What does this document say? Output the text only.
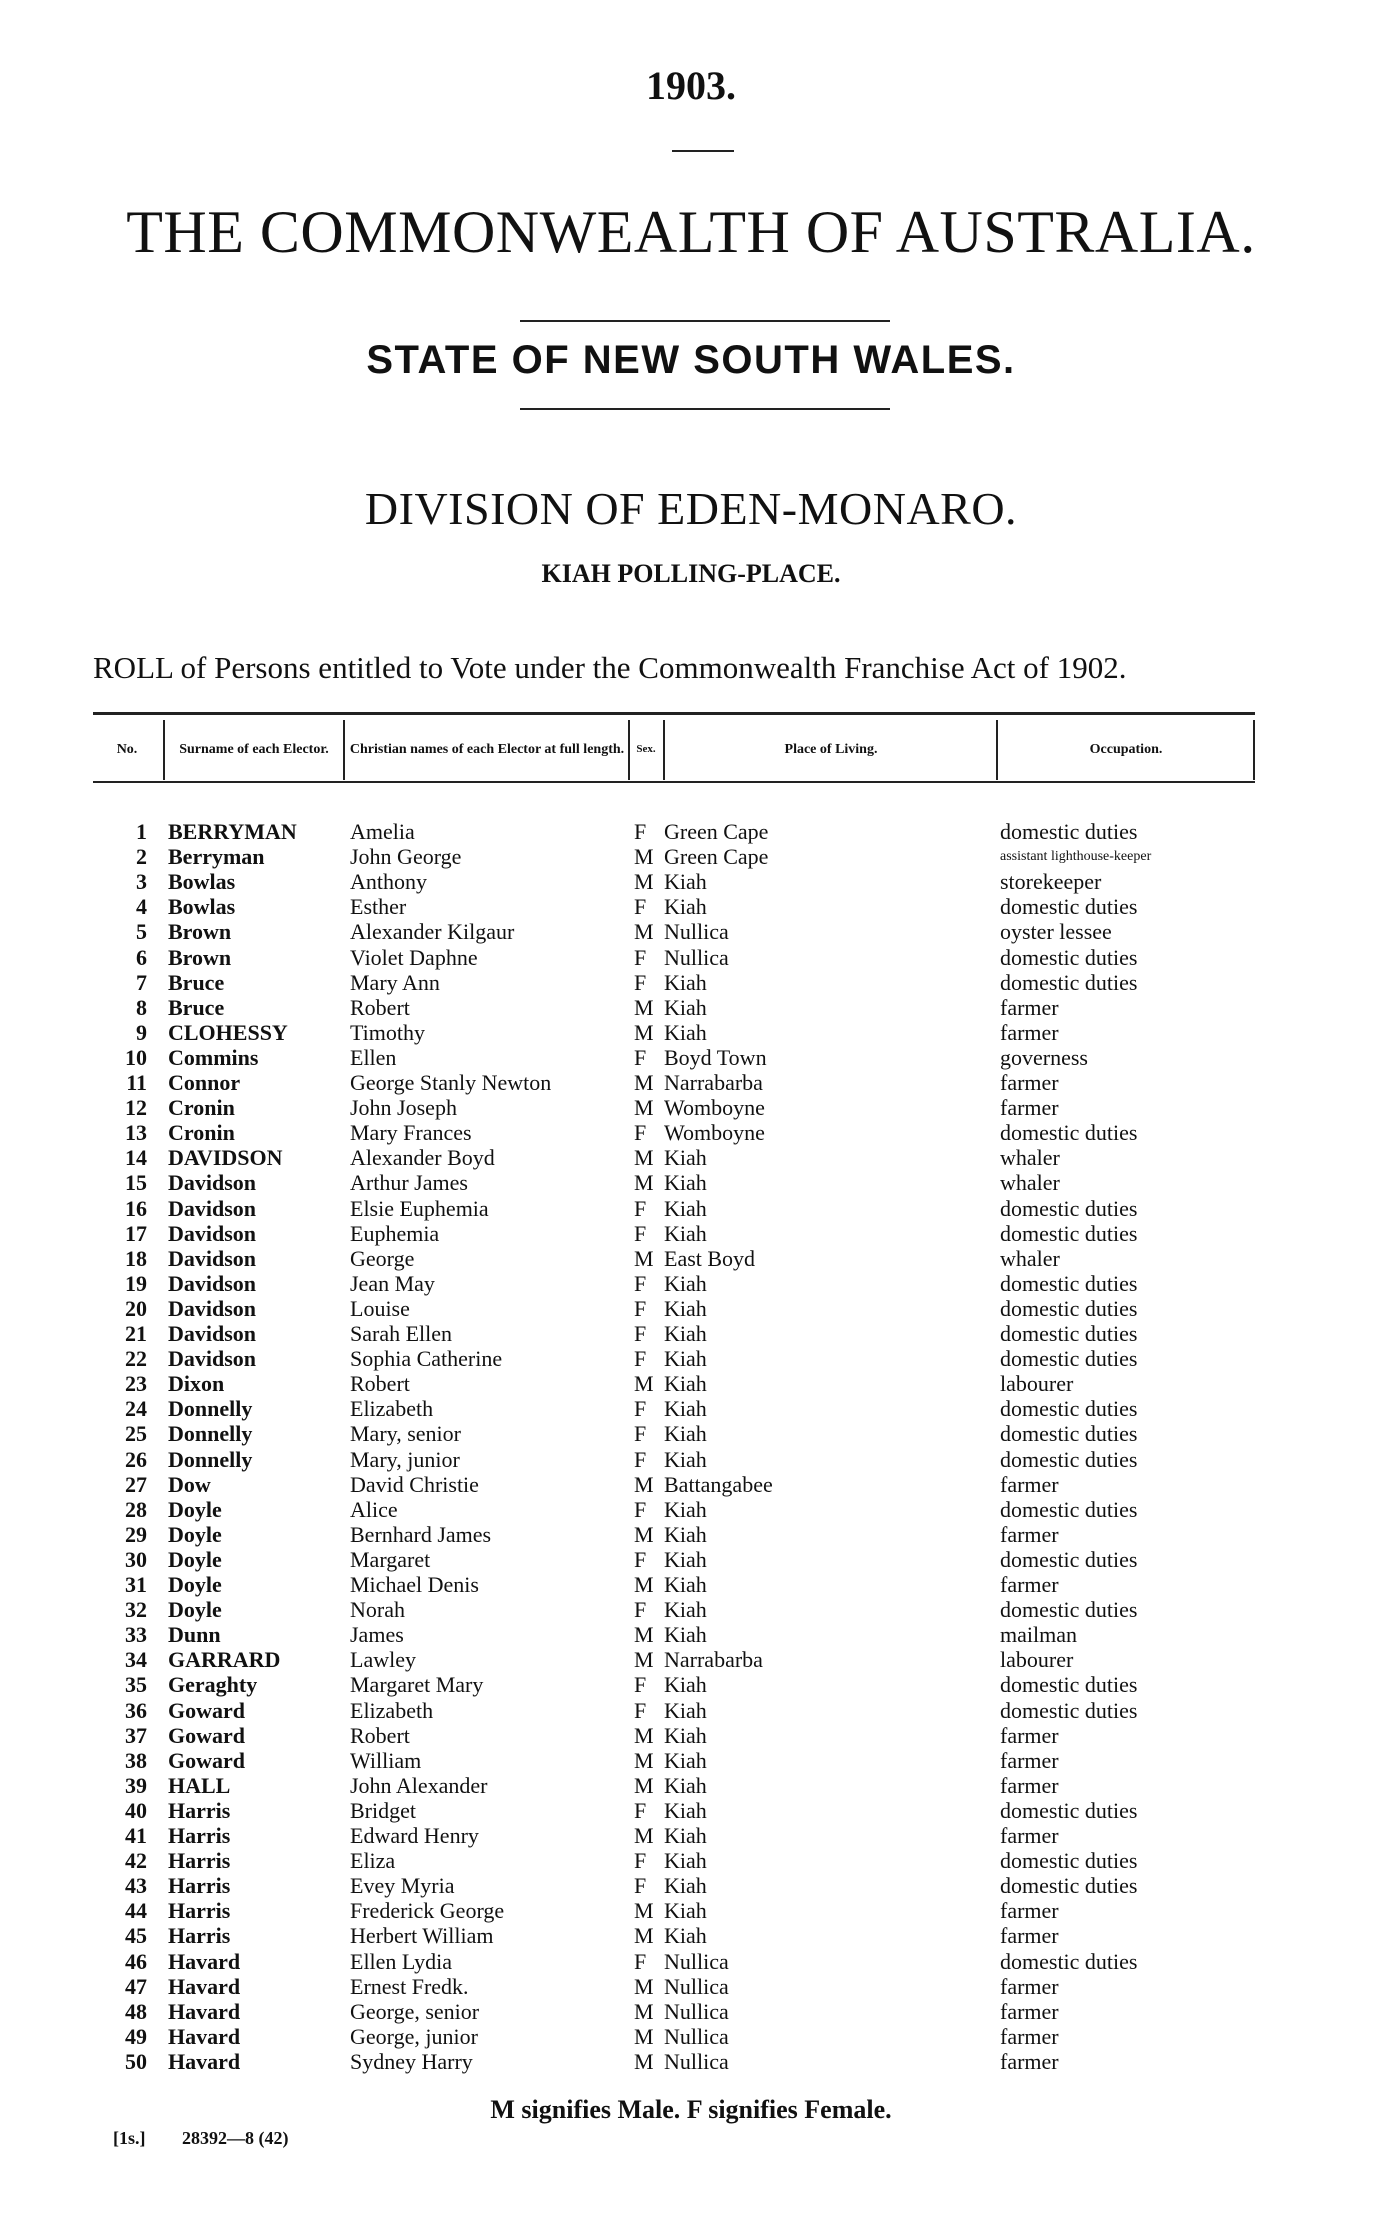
1903.
THE COMMONWEALTH OF AUSTRALIA.
STATE OF NEW SOUTH WALES.
DIVISION OF EDEN-MONARO.
KIAH POLLING-PLACE.
ROLL of Persons entitled to Vote under the Commonwealth Franchise Act of 1902.
No.	Surname of each Elector.	Christian names of each Elector at full length.	Sex.	Place of Living.	Occupation.
1 BERRYMAN	Amelia	F Green Cape	domestic duties
2 Berryman	John George	M Green Cape	assistant lighthouse-keeper
3 Bowlas	Anthony	M Kiah	storekeeper
4 Bowlas	Esther	F Kiah	domestic duties
5 Brown	Alexander Kilgaur	M Nullica	oyster lessee
6 Brown	Violet Daphne	F Nullica	domestic duties
7 Bruce	Mary Ann	F Kiah	domestic duties
8 Bruce	Robert	M Kiah	farmer
9 CLOHESSY	Timothy	M Kiah	farmer
10 Commins	Ellen	F Boyd Town	governess
11 Connor	George Stanly Newton	M Narrabarba	farmer
12 Cronin	John Joseph	M Womboyne	farmer
13 Cronin	Mary Frances	F Womboyne	domestic duties
14 DAVIDSON	Alexander Boyd	M Kiah	whaler
15 Davidson	Arthur James	M Kiah	whaler
16 Davidson	Elsie Euphemia	F Kiah	domestic duties
17 Davidson	Euphemia	F Kiah	domestic duties
18 Davidson	George	M East Boyd	whaler
19 Davidson	Jean May	F Kiah	domestic duties
20 Davidson	Louise	F Kiah	domestic duties
21 Davidson	Sarah Ellen	F Kiah	domestic duties
22 Davidson	Sophia Catherine	F Kiah	domestic duties
23 Dixon	Robert	M Kiah	labourer
24 Donnelly	Elizabeth	F Kiah	domestic duties
25 Donnelly	Mary, senior	F Kiah	domestic duties
26 Donnelly	Mary, junior	F Kiah	domestic duties
27 Dow	David Christie	M Battangabee	farmer
28 Doyle	Alice	F Kiah	domestic duties
29 Doyle	Bernhard James	M Kiah	farmer
30 Doyle	Margaret	F Kiah	domestic duties
31 Doyle	Michael Denis	M Kiah	farmer
32 Doyle	Norah	F Kiah	domestic duties
33 Dunn	James	M Kiah	mailman
34 GARRARD	Lawley	M Narrabarba	labourer
35 Geraghty	Margaret Mary	F Kiah	domestic duties
36 Goward	Elizabeth	F Kiah	domestic duties
37 Goward	Robert	M Kiah	farmer
38 Goward	William	M Kiah	farmer
39 HALL	John Alexander	M Kiah	farmer
40 Harris	Bridget	F Kiah	domestic duties
41 Harris	Edward Henry	M Kiah	farmer
42 Harris	Eliza	F Kiah	domestic duties
43 Harris	Evey Myria	F Kiah	domestic duties
44 Harris	Frederick George	M Kiah	farmer
45 Harris	Herbert William	M Kiah	farmer
46 Havard	Ellen Lydia	F Nullica	domestic duties
47 Havard	Ernest Fredk.	M Nullica	farmer
48 Havard	George, senior	M Nullica	farmer
49 Havard	George, junior	M Nullica	farmer
50 Havard	Sydney Harry	M Nullica	farmer
M signifies Male. F signifies Female.
[1s.] 28392—8 (42)
